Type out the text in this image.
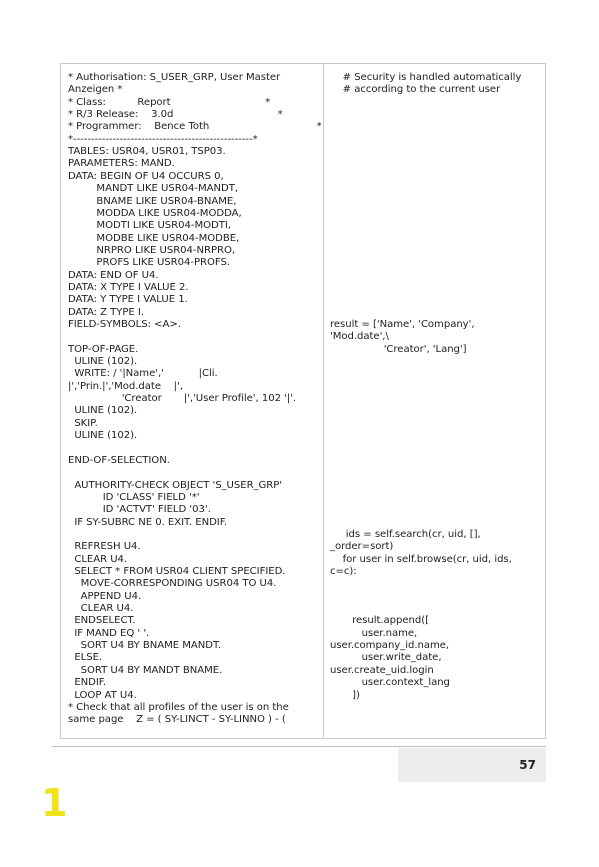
* Authorisation: S_USER_GRP, User Master
Anzeigen *
* Class:          Report                              *
* R/3 Release:    3.0d                                 *
* Programmer:    Bence Toth                                  *
*--------------------------------------------------*
TABLES: USR04, USR01, TSP03.
PARAMETERS: MAND.
DATA: BEGIN OF U4 OCCURS 0,
MANDT LIKE USR04-MANDT,
BNAME LIKE USR04-BNAME,
MODDA LIKE USR04-MODDA,
MODTI LIKE USR04-MODTI,
MODBE LIKE USR04-MODBE,
NRPRO LIKE USR04-NRPRO,
PROFS LIKE USR04-PROFS.
DATA: END OF U4.
DATA: X TYPE I VALUE 2.
DATA: Y TYPE I VALUE 1.
DATA: Z TYPE I.
FIELD-SYMBOLS: <A>.
TOP-OF-PAGE.
ULINE (102).
WRITE: / '|Name','           |Cli.
|','Prin.|','Mod.date    |',
'Creator       |','User Profile', 102 '|'.
ULINE (102).
SKIP.
ULINE (102).
END-OF-SELECTION.
AUTHORITY-CHECK OBJECT 'S_USER_GRP'
ID 'CLASS' FIELD '*'
ID 'ACTVT' FIELD '03'.
IF SY-SUBRC NE 0. EXIT. ENDIF.
REFRESH U4.
CLEAR U4.
SELECT * FROM USR04 CLIENT SPECIFIED.
MOVE-CORRESPONDING USR04 TO U4.
APPEND U4.
CLEAR U4.
ENDSELECT.
IF MAND EQ ' '.
SORT U4 BY BNAME MANDT.
ELSE.
SORT U4 BY MANDT BNAME.
ENDIF.
LOOP AT U4.
* Check that all profiles of the user is on the
same page    Z = ( SY-LINCT - SY-LINNO ) - (
# Security is handled automatically
# according to the current user
result = ['Name', 'Company',
'Mod.date',\
'Creator', 'Lang']
ids = self.search(cr, uid, [],
_order=sort)
for user in self.browse(cr, uid, ids,
c=c):
result.append([
user.name,
user.company_id.name,
user.write_date,
user.create_uid.login
user.context_lang
])
57
1
